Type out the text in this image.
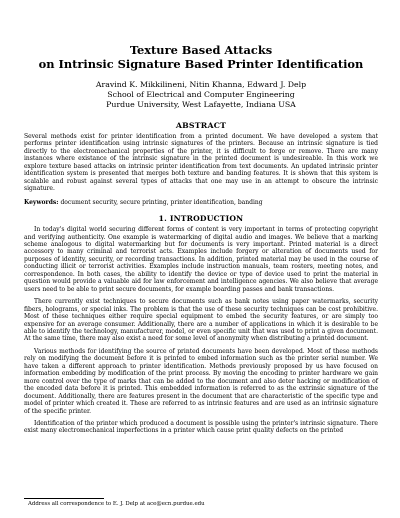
Texture Based Attacks
on Intrinsic Signature Based Printer Identification

Aravind K. Mikkilineni, Nitin Khanna, Edward J. Delp

School of Electrical and Computer Engineering

Purdue University, West Lafayette, Indiana USA

ABSTRACT

Several methods exist for printer identification from a printed document. We have developed a system that performs printer identification using intrinsic signatures of the printers. Because an intrinsic signature is tied directly to the electromechanical properties of the printer, it is difficult to forge or remove. There are many instances where existance of the intrinsic signature in the printed document is undesireable. In this work we explore texture based attacks on intrinsic printer identification from text documents. An updated intrinsic printer identification system is presented that merges both texture and banding features. It is shown that this system is scalable and robust against several types of attacks that one may use in an attempt to obscure the intrinsic signature.

Keywords: document security, secure printing, printer identification, banding
1. INTRODUCTION

In today's digital world securing different forms of content is very important in terms of protecting copyright and verifying authenticity. One example is watermarking of digital audio and images. We believe that a marking scheme analogous to digital watermarking but for documents is very important. Printed material is a direct accessory to many criminal and terrorist acts. Examples include forgery or alteration of documents used for purposes of identity, security, or recording transactions. In addition, printed material may be used in the course of conducting illicit or terrorist activities. Examples include instruction manuals, team rosters, meeting notes, and correspondence. In both cases, the ability to identify the device or type of device used to print the material in question would provide a valuable aid for law enforcement and intelligence agencies. We also believe that average users need to be able to print secure documents, for example boarding passes and bank transactions.

There currently exist techniques to secure documents such as bank notes using paper watermarks, security fibers, holograms, or special inks. The problem is that the use of these security techniques can be cost prohibitive. Most of these techniques either require special equipment to embed the security features, or are simply too expensive for an average consumer. Additionally, there are a number of applications in which it is desirable to be able to identify the technology, manufacturer, model, or even specific unit that was used to print a given document. At the same time, there may also exist a need for some level of anonymity when distributing a printed document.

Various methods for identifying the source of printed documents have been developed. Most of these methods rely on modifying the document before it is printed to embed information such as the printer serial number. We have taken a different approach to printer identification. Methods previously proposed by us have focused on information embedding by modification of the print process. By moving the encoding to printer hardware we gain more control over the type of marks that can be added to the document and also deter hacking or modification of the encoded data before it is printed. This embedded information is referred to as the extrinsic signature of the document. Additionally, there are features present in the document that are characteristic of the specific type and model of printer which created it. These are referred to as intrinsic features and are used as an intrinsic signature of the specific printer.

Identification of the printer which produced a document is possible using the printer's intrinsic signature. There exist many electromechanical imperfections in a printer which cause print quality defects on the printed

Address all correspondence to E. J. Delp at ace@ecn.purdue.edu
